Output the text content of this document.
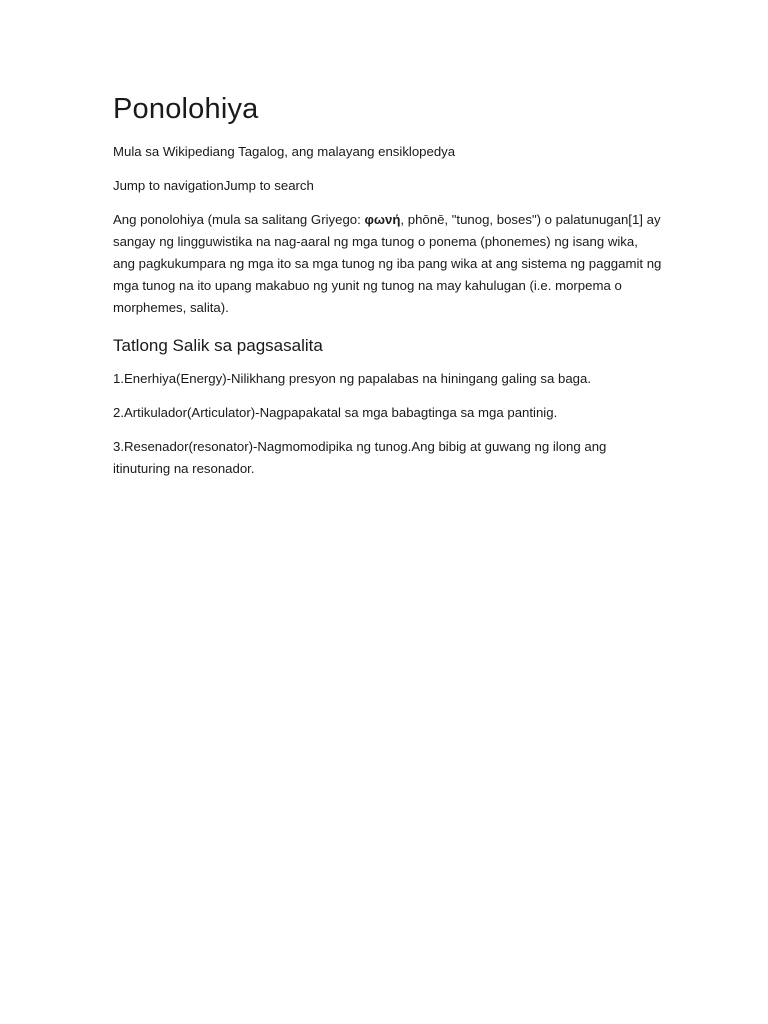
Ponolohiya

Mula sa Wikipediang Tagalog, ang malayang ensiklopedya

Jump to navigationJump to search

Ang ponolohiya (mula sa salitang Griyego: φωνή, phōnē, "tunog, boses") o palatunugan[1] ay sangay ng lingguwistika na nag-aaral ng mga tunog o ponema (phonemes) ng isang wika, ang pagkukumpara ng mga ito sa mga tunog ng iba pang wika at ang sistema ng paggamit ng mga tunog na ito upang makabuo ng yunit ng tunog na may kahulugan (i.e. morpema o morphemes, salita).

Tatlong Salik sa pagsasalita

1.Enerhiya(Energy)-Nilikhang presyon ng papalabas na hiningang galing sa baga.

2.Artikulador(Articulator)-Nagpapakatal sa mga babagtinga sa mga pantinig.

3.Resenador(resonator)-Nagmomodipika ng tunog.Ang bibig at guwang ng ilong ang itinuturing na resonador.
